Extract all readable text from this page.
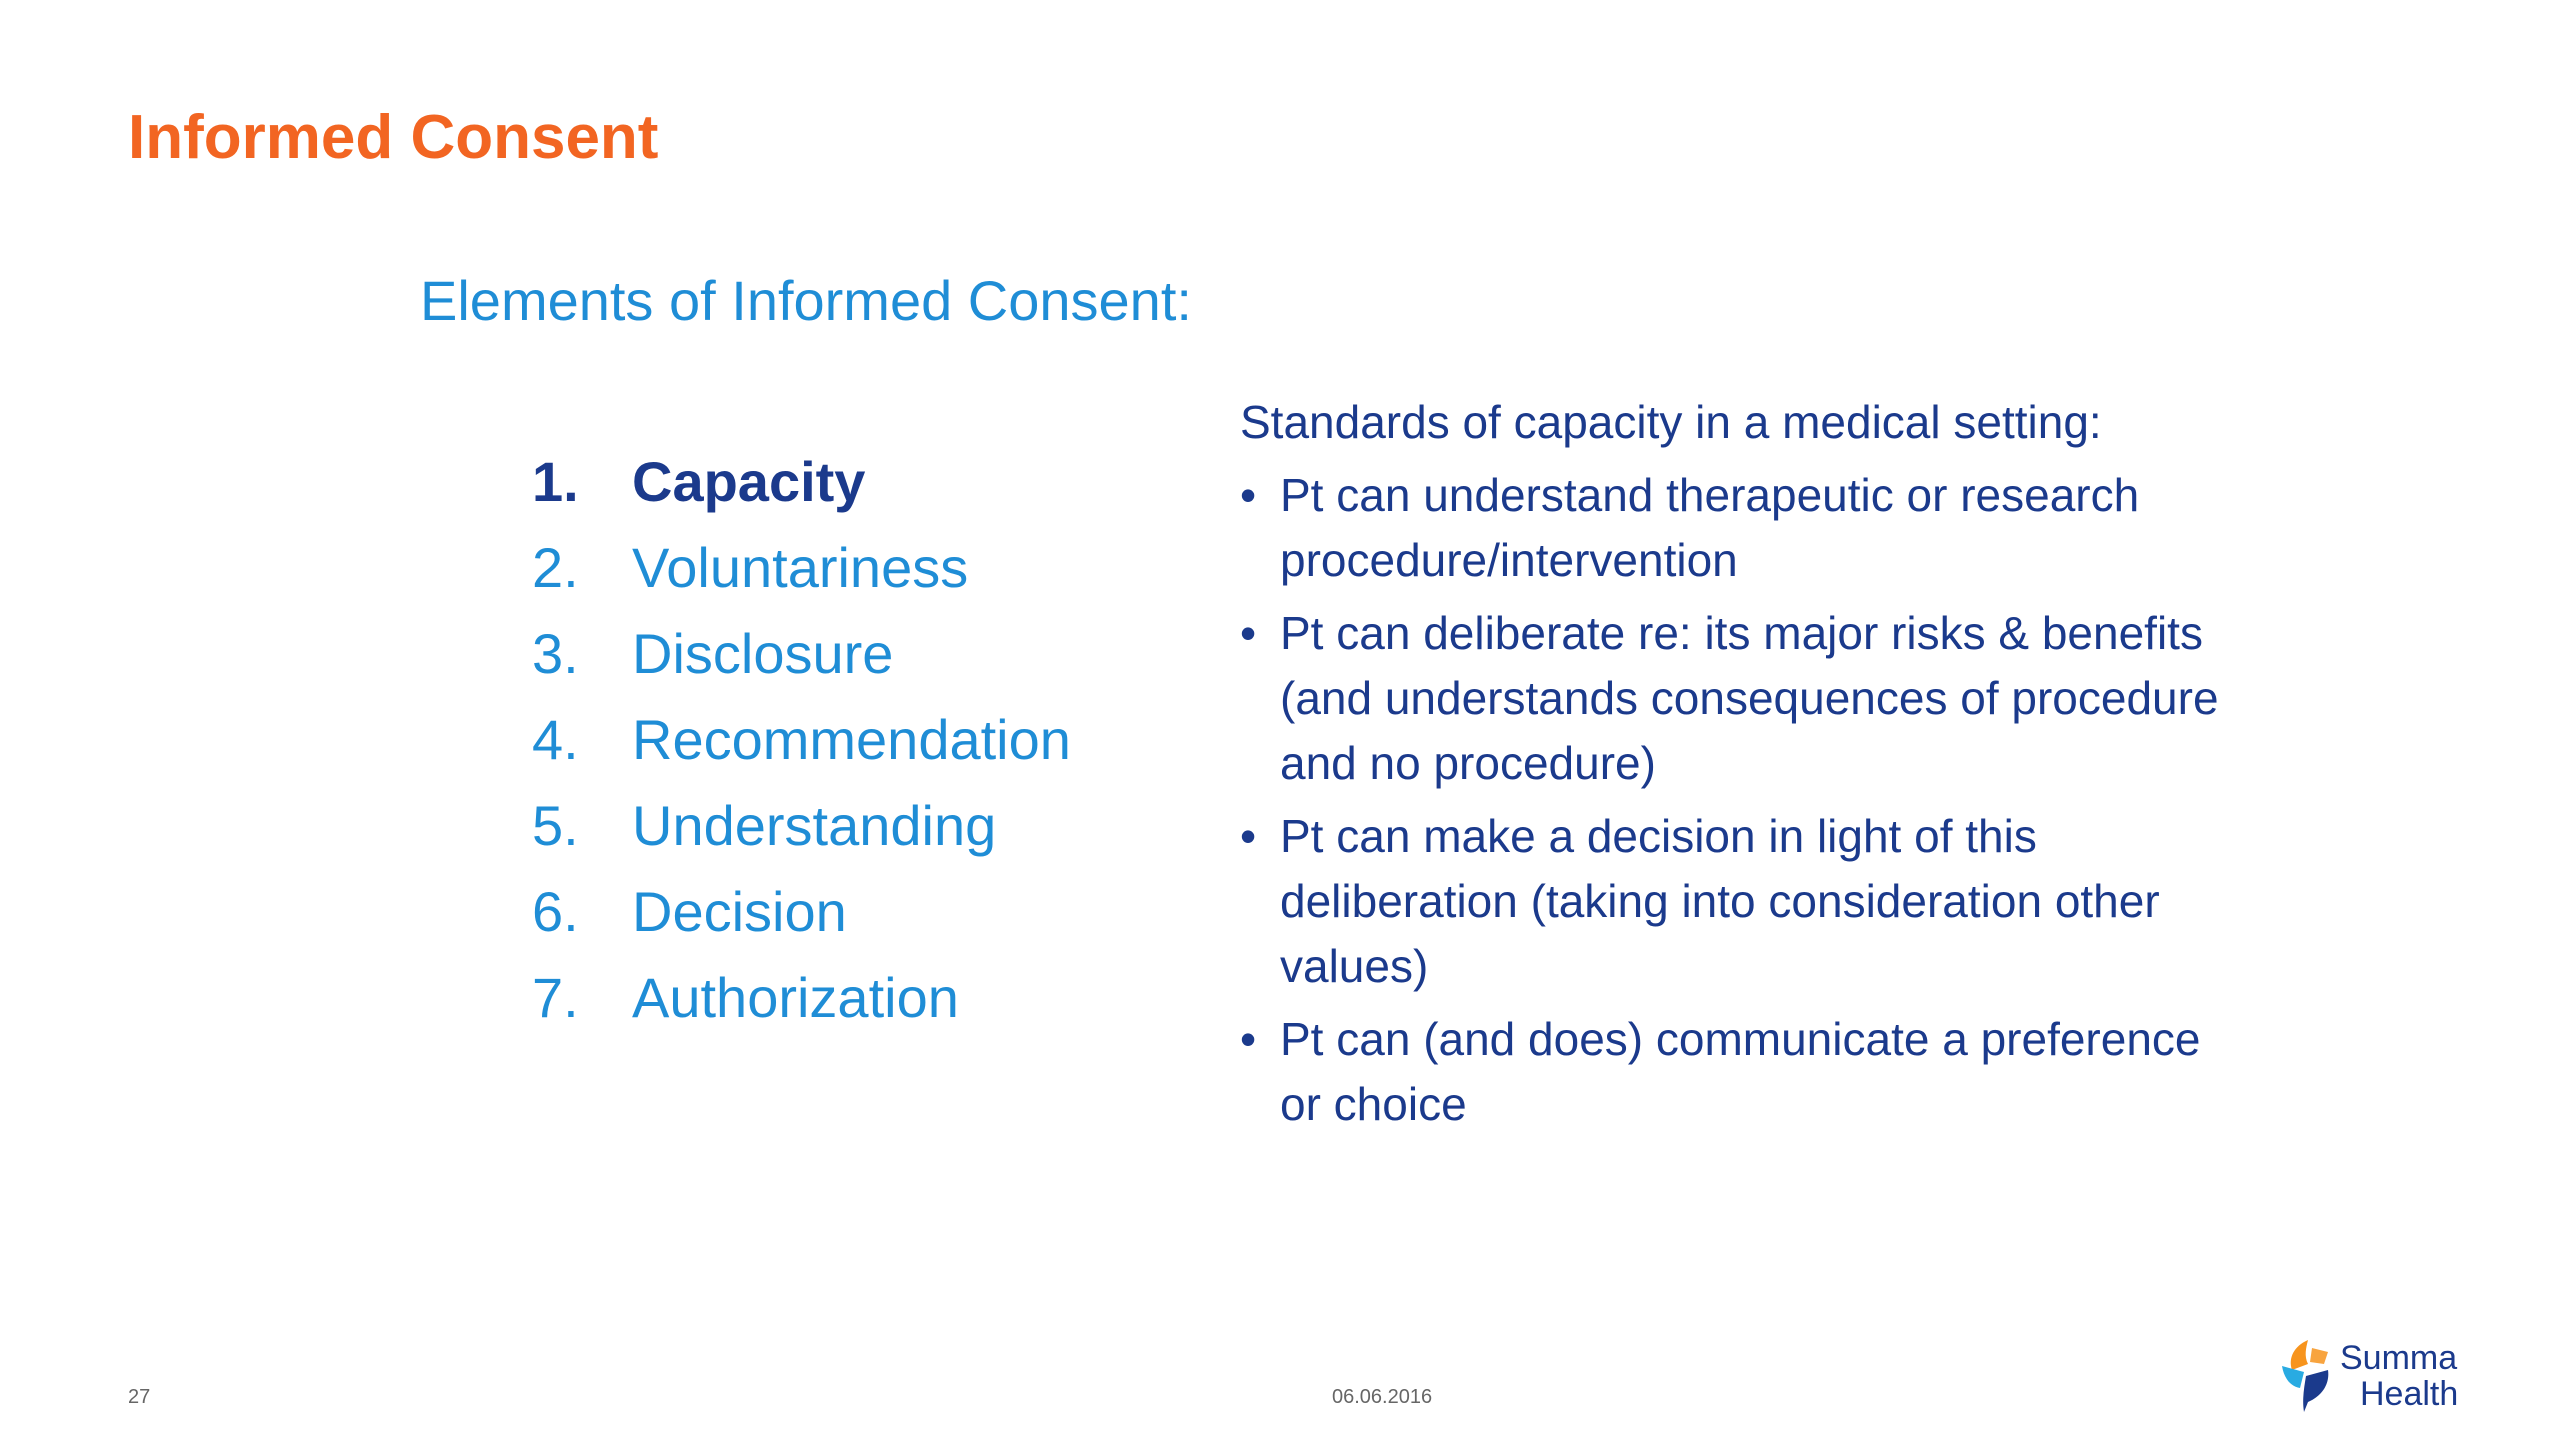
Informed Consent
Elements of Informed Consent:
1. Capacity
2. Voluntariness
3. Disclosure
4. Recommendation
5. Understanding
6. Decision
7. Authorization
Standards of capacity in a medical setting:
• Pt can understand therapeutic or research procedure/intervention
• Pt can deliberate re: its major risks & benefits (and understands consequences of procedure and no procedure)
• Pt can make a decision in light of this deliberation (taking into consideration other values)
• Pt can (and does) communicate a preference or choice
27	06.06.2016
Summa
Health
